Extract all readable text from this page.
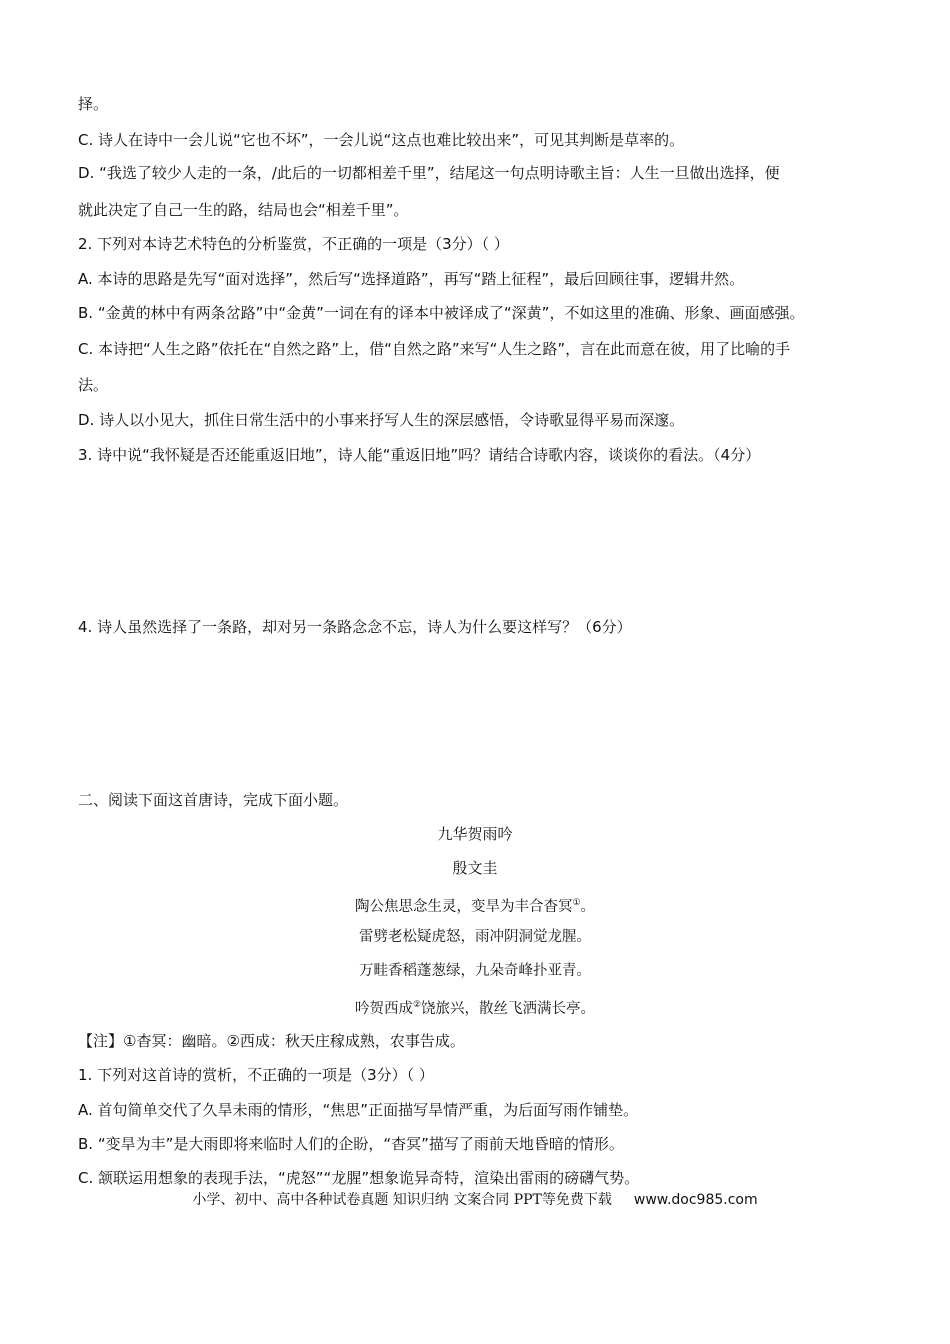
择。
C. 诗人在诗中一会儿说“它也不坏”，一会儿说“这点也难比较出来”，可见其判断是草率的。
D. “我选了较少人走的一条，/此后的一切都相差千里”，结尾这一句点明诗歌主旨：人生一旦做出选择，便
就此决定了自己一生的路，结局也会“相差千里”。
2. 下列对本诗艺术特色的分析鉴赏，不正确的一项是（3分）（ ）
A. 本诗的思路是先写“面对选择”，然后写“选择道路”，再写“踏上征程”，最后回顾往事，逻辑井然。
B. “金黄的林中有两条岔路”中“金黄”一词在有的译本中被译成了“深黄”，不如这里的准确、形象、画面感强。
C. 本诗把“人生之路”依托在“自然之路”上，借“自然之路”来写“人生之路”，言在此而意在彼，用了比喻的手
法。
D. 诗人以小见大，抓住日常生活中的小事来抒写人生的深层感悟，令诗歌显得平易而深邃。
3. 诗中说“我怀疑是否还能重返旧地”，诗人能“重返旧地”吗？请结合诗歌内容，谈谈你的看法。（4分）
4. 诗人虽然选择了一条路，却对另一条路念念不忘，诗人为什么要这样写？（6分）
二、阅读下面这首唐诗，完成下面小题。
九华贺雨吟
殷文圭
陶公焦思念生灵，变旱为丰合杳冥①。
雷劈老松疑虎怒，雨冲阴洞觉龙腥。
万畦香稻蓬葱绿，九朵奇峰扑亚青。
吟贺西成②饶旅兴，散丝飞洒满长亭。
【注】①杳冥：幽暗。②西成：秋天庄稼成熟，农事告成。
1. 下列对这首诗的赏析，不正确的一项是（3分）（ ）
A. 首句简单交代了久旱未雨的情形，“焦思”正面描写旱情严重，为后面写雨作铺垫。
B. “变旱为丰”是大雨即将来临时人们的企盼，“杳冥”描写了雨前天地昏暗的情形。
C. 颔联运用想象的表现手法，“虎怒”“龙腥”想象诡异奇特，渲染出雷雨的磅礴气势。
小学、初中、高中各种试卷真题 知识归纳 文案合同 PPT等免费下载 www.doc985.com
